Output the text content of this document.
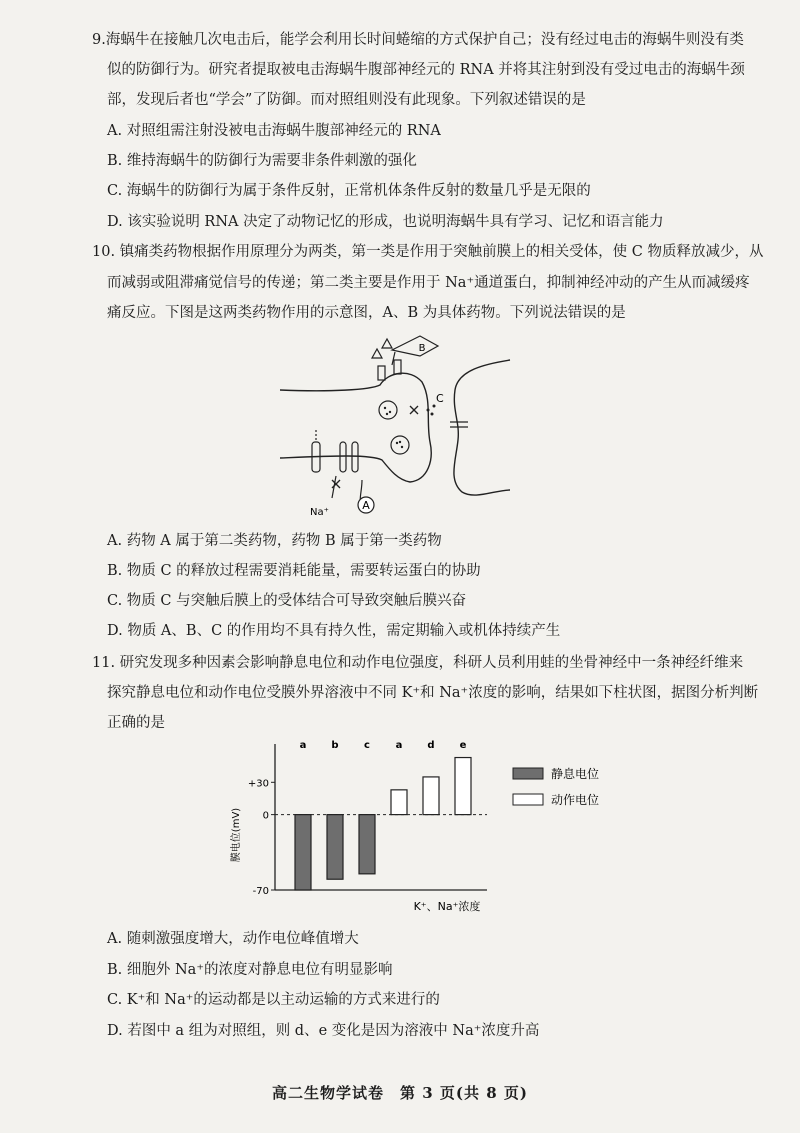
9.海蜗牛在接触几次电击后，能学会利用长时间蜷缩的方式保护自己；没有经过电击的海蜗牛则没有类
似的防御行为。研究者提取被电击海蜗牛腹部神经元的 RNA 并将其注射到没有受过电击的海蜗牛颈
部，发现后者也“学会”了防御。而对照组则没有此现象。下列叙述错误的是
A. 对照组需注射没被电击海蜗牛腹部神经元的 RNA
B. 维持海蜗牛的防御行为需要非条件刺激的强化
C. 海蜗牛的防御行为属于条件反射，正常机体条件反射的数量几乎是无限的
D. 该实验说明 RNA 决定了动物记忆的形成，也说明海蜗牛具有学习、记忆和语言能力
10. 镇痛类药物根据作用原理分为两类，第一类是作用于突触前膜上的相关受体，使 C 物质释放减少，从
而减弱或阻滞痛觉信号的传递；第二类主要是作用于 Na⁺通道蛋白，抑制神经冲动的产生从而减缓疼
痛反应。下图是这两类药物作用的示意图，A、B 为具体药物。下列说法错误的是
A
B
C
Na⁺
A. 药物 A 属于第二类药物，药物 B 属于第一类药物
B. 物质 C 的释放过程需要消耗能量，需要转运蛋白的协助
C. 物质 C 与突触后膜上的受体结合可导致突触后膜兴奋
D. 物质 A、B、C 的作用均不具有持久性，需定期输入或机体持续产生
11. 研究发现多种因素会影响静息电位和动作电位强度，科研人员利用蛙的坐骨神经中一条神经纤维来
探究静息电位和动作电位受膜外界溶液中不同 K⁺和 Na⁺浓度的影响，结果如下柱状图，据图分析判断
正确的是
+30
0
-70
a	b	c	a	d	e
膜电位(mV)
K⁺、Na⁺浓度
静息电位
动作电位
A. 随刺激强度增大，动作电位峰值增大
B. 细胞外 Na⁺的浓度对静息电位有明显影响
C. K⁺和 Na⁺的运动都是以主动运输的方式来进行的
D. 若图中 a 组为对照组，则 d、e 变化是因为溶液中 Na⁺浓度升高
高二生物学试卷　第 3 页(共 8 页)
